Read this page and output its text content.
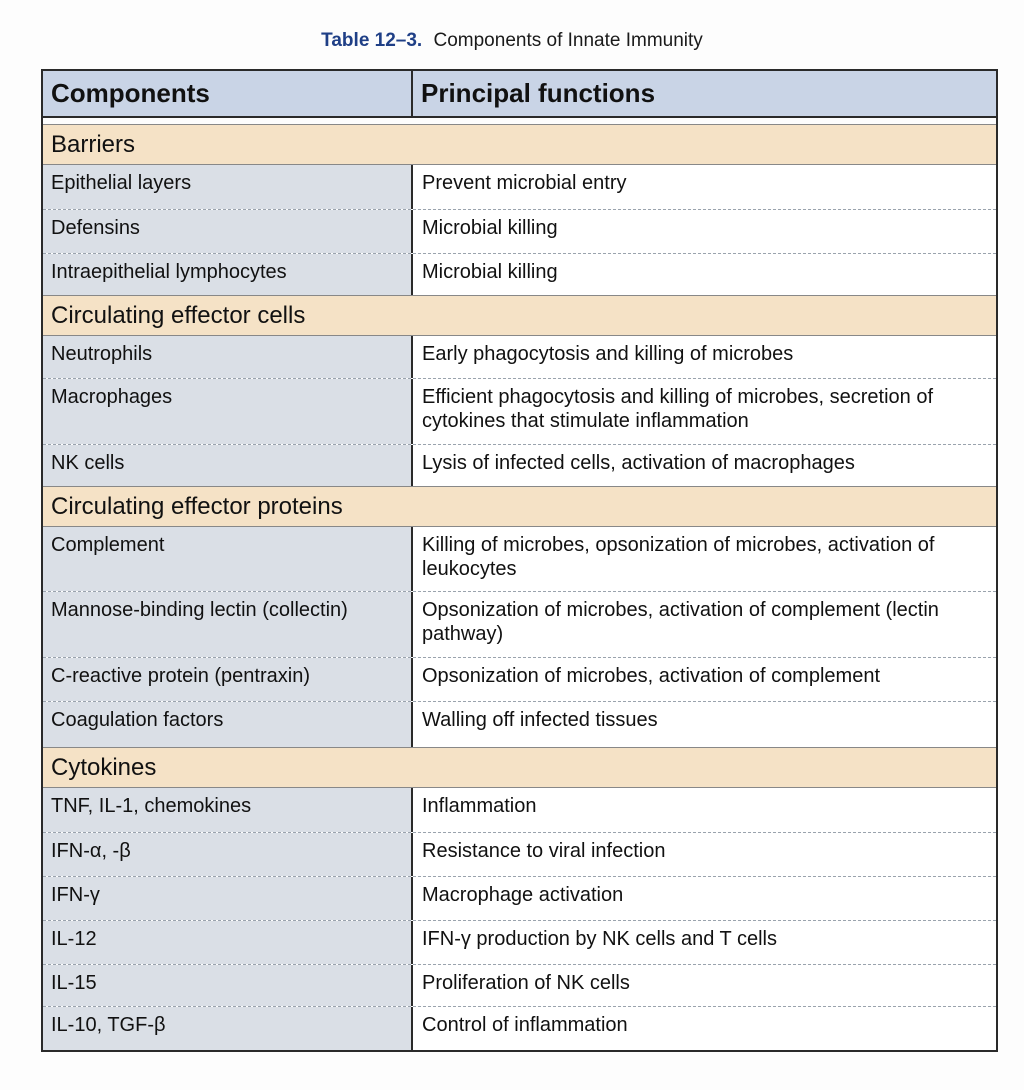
Table 12–3. Components of Innate Immunity
Components	Principal functions
Barriers
Epithelial layers	Prevent microbial entry
Defensins	Microbial killing
Intraepithelial lymphocytes	Microbial killing
Circulating effector cells
Neutrophils	Early phagocytosis and killing of microbes
Macrophages	Efficient phagocytosis and killing of microbes, secretion of cytokines that stimulate inflammation
NK cells	Lysis of infected cells, activation of macrophages
Circulating effector proteins
Complement	Killing of microbes, opsonization of microbes, activation of leukocytes
Mannose-binding lectin (collectin)	Opsonization of microbes, activation of complement (lectin pathway)
C-reactive protein (pentraxin)	Opsonization of microbes, activation of complement
Coagulation factors	Walling off infected tissues
Cytokines
TNF, IL-1, chemokines	Inflammation
IFN-α, -β	Resistance to viral infection
IFN-γ	Macrophage activation
IL-12	IFN-γ production by NK cells and T cells
IL-15	Proliferation of NK cells
IL-10, TGF-β	Control of inflammation
